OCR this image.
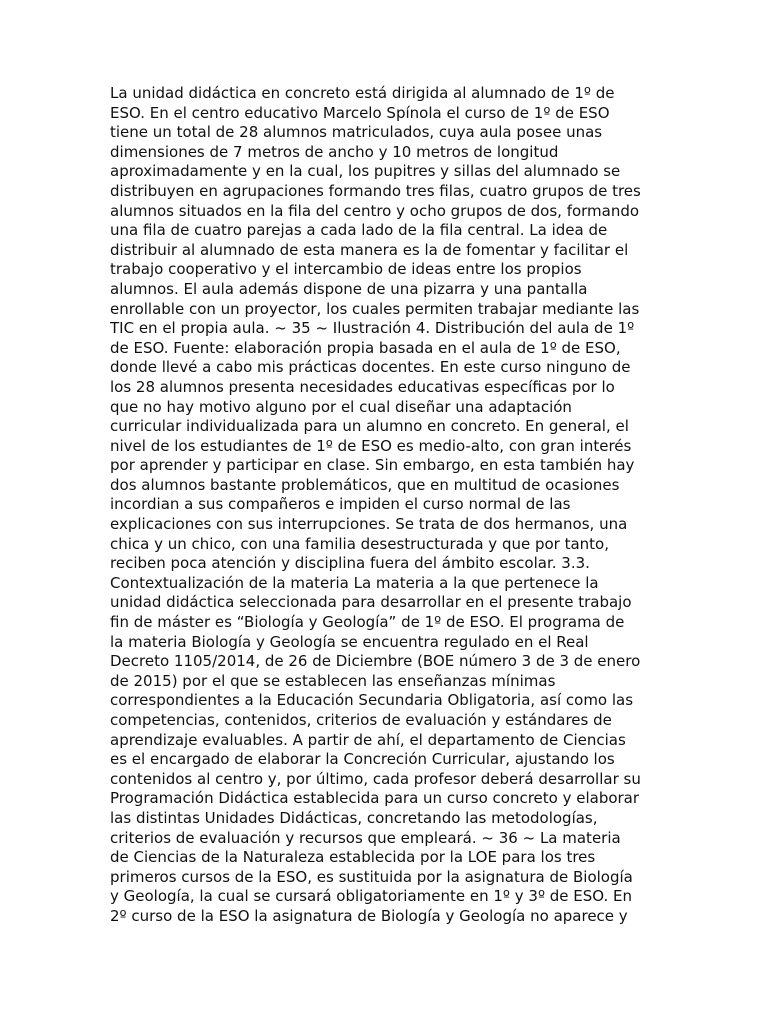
La unidad didáctica en concreto está dirigida al alumnado de 1º de
ESO. En el centro educativo Marcelo Spínola el curso de 1º de ESO
tiene un total de 28 alumnos matriculados, cuya aula posee unas
dimensiones de 7 metros de ancho y 10 metros de longitud
aproximadamente y en la cual, los pupitres y sillas del alumnado se
distribuyen en agrupaciones formando tres filas, cuatro grupos de tres
alumnos situados en la fila del centro y ocho grupos de dos, formando
una fila de cuatro parejas a cada lado de la fila central. La idea de
distribuir al alumnado de esta manera es la de fomentar y facilitar el
trabajo cooperativo y el intercambio de ideas entre los propios
alumnos. El aula además dispone de una pizarra y una pantalla
enrollable con un proyector, los cuales permiten trabajar mediante las
TIC en el propia aula. ~ 35 ~ Ilustración 4. Distribución del aula de 1º
de ESO. Fuente: elaboración propia basada en el aula de 1º de ESO,
donde llevé a cabo mis prácticas docentes. En este curso ninguno de
los 28 alumnos presenta necesidades educativas específicas por lo
que no hay motivo alguno por el cual diseñar una adaptación
curricular individualizada para un alumno en concreto. En general, el
nivel de los estudiantes de 1º de ESO es medio-alto, con gran interés
por aprender y participar en clase. Sin embargo, en esta también hay
dos alumnos bastante problemáticos, que en multitud de ocasiones
incordian a sus compañeros e impiden el curso normal de las
explicaciones con sus interrupciones. Se trata de dos hermanos, una
chica y un chico, con una familia desestructurada y que por tanto,
reciben poca atención y disciplina fuera del ámbito escolar. 3.3.
Contextualización de la materia La materia a la que pertenece la
unidad didáctica seleccionada para desarrollar en el presente trabajo
fin de máster es “Biología y Geología” de 1º de ESO. El programa de
la materia Biología y Geología se encuentra regulado en el Real
Decreto 1105/2014, de 26 de Diciembre (BOE número 3 de 3 de enero
de 2015) por el que se establecen las enseñanzas mínimas
correspondientes a la Educación Secundaria Obligatoria, así como las
competencias, contenidos, criterios de evaluación y estándares de
aprendizaje evaluables. A partir de ahí, el departamento de Ciencias
es el encargado de elaborar la Concreción Curricular, ajustando los
contenidos al centro y, por último, cada profesor deberá desarrollar su
Programación Didáctica establecida para un curso concreto y elaborar
las distintas Unidades Didácticas, concretando las metodologías,
criterios de evaluación y recursos que empleará. ~ 36 ~ La materia
de Ciencias de la Naturaleza establecida por la LOE para los tres
primeros cursos de la ESO, es sustituida por la asignatura de Biología
y Geología, la cual se cursará obligatoriamente en 1º y 3º de ESO. En
2º curso de la ESO la asignatura de Biología y Geología no aparece y
